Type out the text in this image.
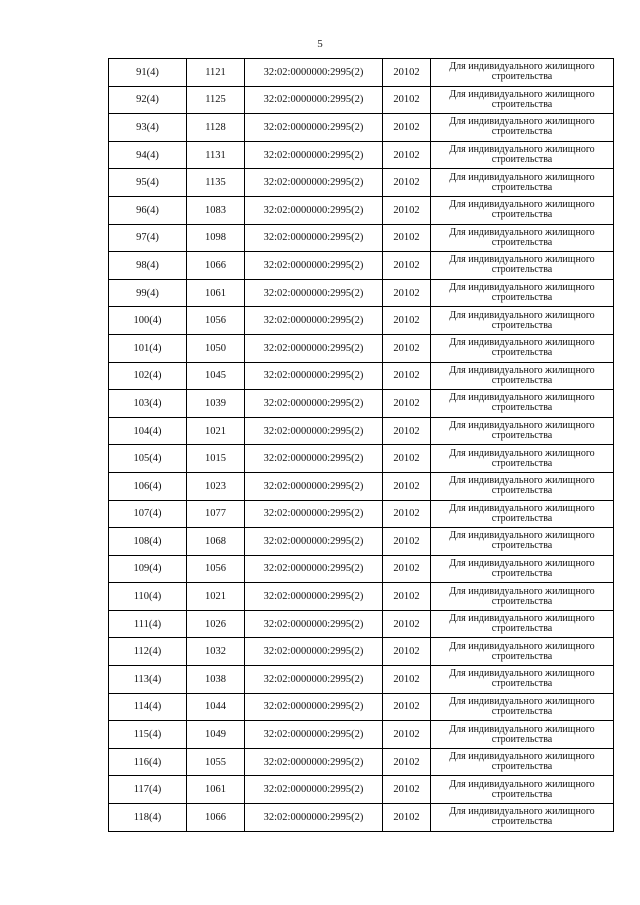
5
91(4)	1121	32:02:0000000:2995(2)	20102	Для индивидуального жилищного строительства
92(4)	1125	32:02:0000000:2995(2)	20102	Для индивидуального жилищного строительства
93(4)	1128	32:02:0000000:2995(2)	20102	Для индивидуального жилищного строительства
94(4)	1131	32:02:0000000:2995(2)	20102	Для индивидуального жилищного строительства
95(4)	1135	32:02:0000000:2995(2)	20102	Для индивидуального жилищного строительства
96(4)	1083	32:02:0000000:2995(2)	20102	Для индивидуального жилищного строительства
97(4)	1098	32:02:0000000:2995(2)	20102	Для индивидуального жилищного строительства
98(4)	1066	32:02:0000000:2995(2)	20102	Для индивидуального жилищного строительства
99(4)	1061	32:02:0000000:2995(2)	20102	Для индивидуального жилищного строительства
100(4)	1056	32:02:0000000:2995(2)	20102	Для индивидуального жилищного строительства
101(4)	1050	32:02:0000000:2995(2)	20102	Для индивидуального жилищного строительства
102(4)	1045	32:02:0000000:2995(2)	20102	Для индивидуального жилищного строительства
103(4)	1039	32:02:0000000:2995(2)	20102	Для индивидуального жилищного строительства
104(4)	1021	32:02:0000000:2995(2)	20102	Для индивидуального жилищного строительства
105(4)	1015	32:02:0000000:2995(2)	20102	Для индивидуального жилищного строительства
106(4)	1023	32:02:0000000:2995(2)	20102	Для индивидуального жилищного строительства
107(4)	1077	32:02:0000000:2995(2)	20102	Для индивидуального жилищного строительства
108(4)	1068	32:02:0000000:2995(2)	20102	Для индивидуального жилищного строительства
109(4)	1056	32:02:0000000:2995(2)	20102	Для индивидуального жилищного строительства
110(4)	1021	32:02:0000000:2995(2)	20102	Для индивидуального жилищного строительства
111(4)	1026	32:02:0000000:2995(2)	20102	Для индивидуального жилищного строительства
112(4)	1032	32:02:0000000:2995(2)	20102	Для индивидуального жилищного строительства
113(4)	1038	32:02:0000000:2995(2)	20102	Для индивидуального жилищного строительства
114(4)	1044	32:02:0000000:2995(2)	20102	Для индивидуального жилищного строительства
115(4)	1049	32:02:0000000:2995(2)	20102	Для индивидуального жилищного строительства
116(4)	1055	32:02:0000000:2995(2)	20102	Для индивидуального жилищного строительства
117(4)	1061	32:02:0000000:2995(2)	20102	Для индивидуального жилищного строительства
118(4)	1066	32:02:0000000:2995(2)	20102	Для индивидуального жилищного строительства
